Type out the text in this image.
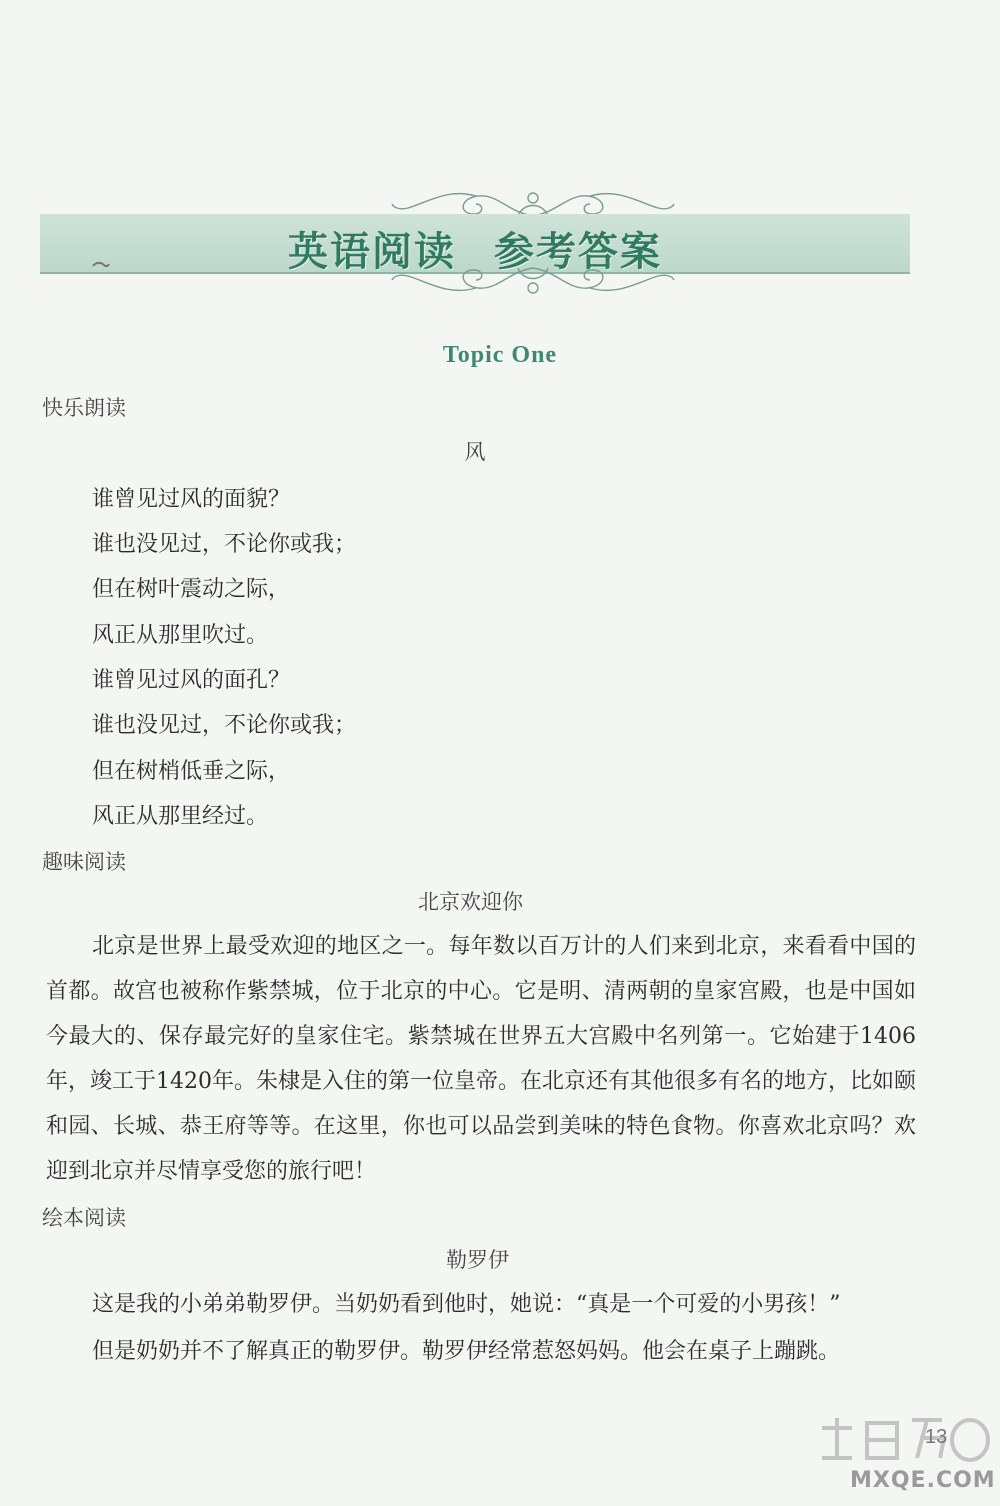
英语阅读 参考答案
Topic One
快乐朗读
风
谁曾见过风的面貌？
谁也没见过，不论你或我；
但在树叶震动之际，
风正从那里吹过。
谁曾见过风的面孔？
谁也没见过，不论你或我；
但在树梢低垂之际，
风正从那里经过。
趣味阅读
北京欢迎你

北京是世界上最受欢迎的地区之一。每年数以百万计的人们来到北京，来看看中国的首都。故宫也被称作紫禁城，位于北京的中心。它是明、清两朝的皇家宫殿，也是中国如今最大的、保存最完好的皇家住宅。紫禁城在世界五大宫殿中名列第一。它始建于1406年，竣工于1420年。朱棣是入住的第一位皇帝。在北京还有其他很多有名的地方，比如颐和园、长城、恭王府等等。在这里，你也可以品尝到美味的特色食物。你喜欢北京吗？欢迎到北京并尽情享受您的旅行吧！

绘本阅读
勒罗伊

这是我的小弟弟勒罗伊。当奶奶看到他时，她说：“真是一个可爱的小男孩！”

但是奶奶并不了解真正的勒罗伊。勒罗伊经常惹怒妈妈。他会在桌子上蹦跳。

13
MXQE.COM
